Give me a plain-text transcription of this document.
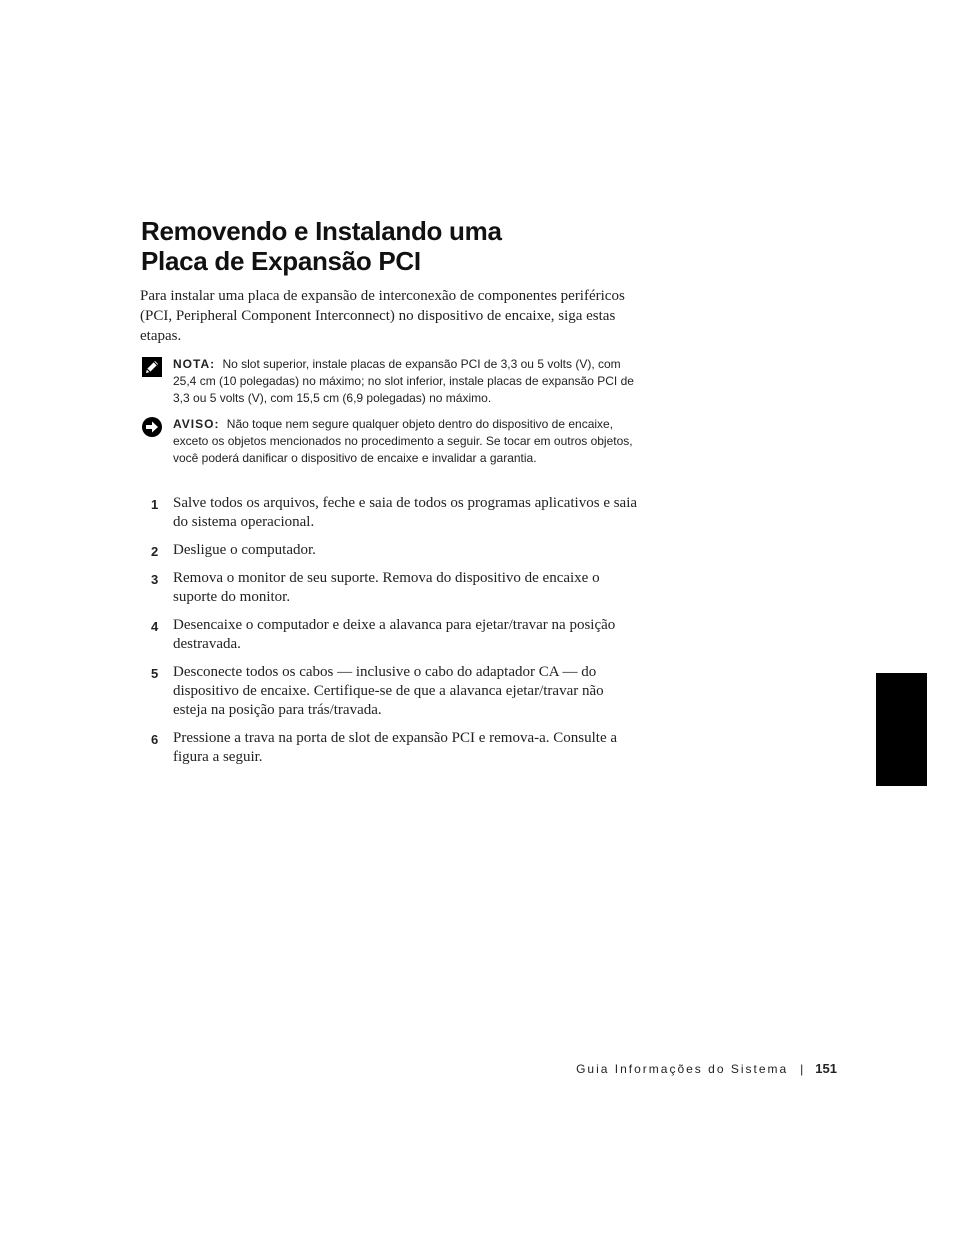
Removendo e Instalando uma
Placa de Expansão PCI

Para instalar uma placa de expansão de interconexão de componentes periféricos (PCI, Peripheral Component Interconnect) no dispositivo de encaixe, siga estas etapas.

NOTA: No slot superior, instale placas de expansão PCI de 3,3 ou 5 volts (V), com 25,4 cm (10 polegadas) no máximo; no slot inferior, instale placas de expansão PCI de 3,3 ou 5 volts (V), com 15,5 cm (6,9 polegadas) no máximo.
AVISO: Não toque nem segure qualquer objeto dentro do dispositivo de encaixe, exceto os objetos mencionados no procedimento a seguir. Se tocar em outros objetos, você poderá danificar o dispositivo de encaixe e invalidar a garantia.
1 Salve todos os arquivos, feche e saia de todos os programas aplicativos e saia do sistema operacional.
2 Desligue o computador.
3 Remova o monitor de seu suporte. Remova do dispositivo de encaixe o suporte do monitor.
4 Desencaixe o computador e deixe a alavanca para ejetar/travar na posição destravada.
5 Desconecte todos os cabos — inclusive o cabo do adaptador CA — do dispositivo de encaixe. Certifique-se de que a alavanca ejetar/travar não esteja na posição para trás/travada.
6 Pressione a trava na porta de slot de expansão PCI e remova-a. Consulte a figura a seguir.
Guia Informações do Sistema | 151
